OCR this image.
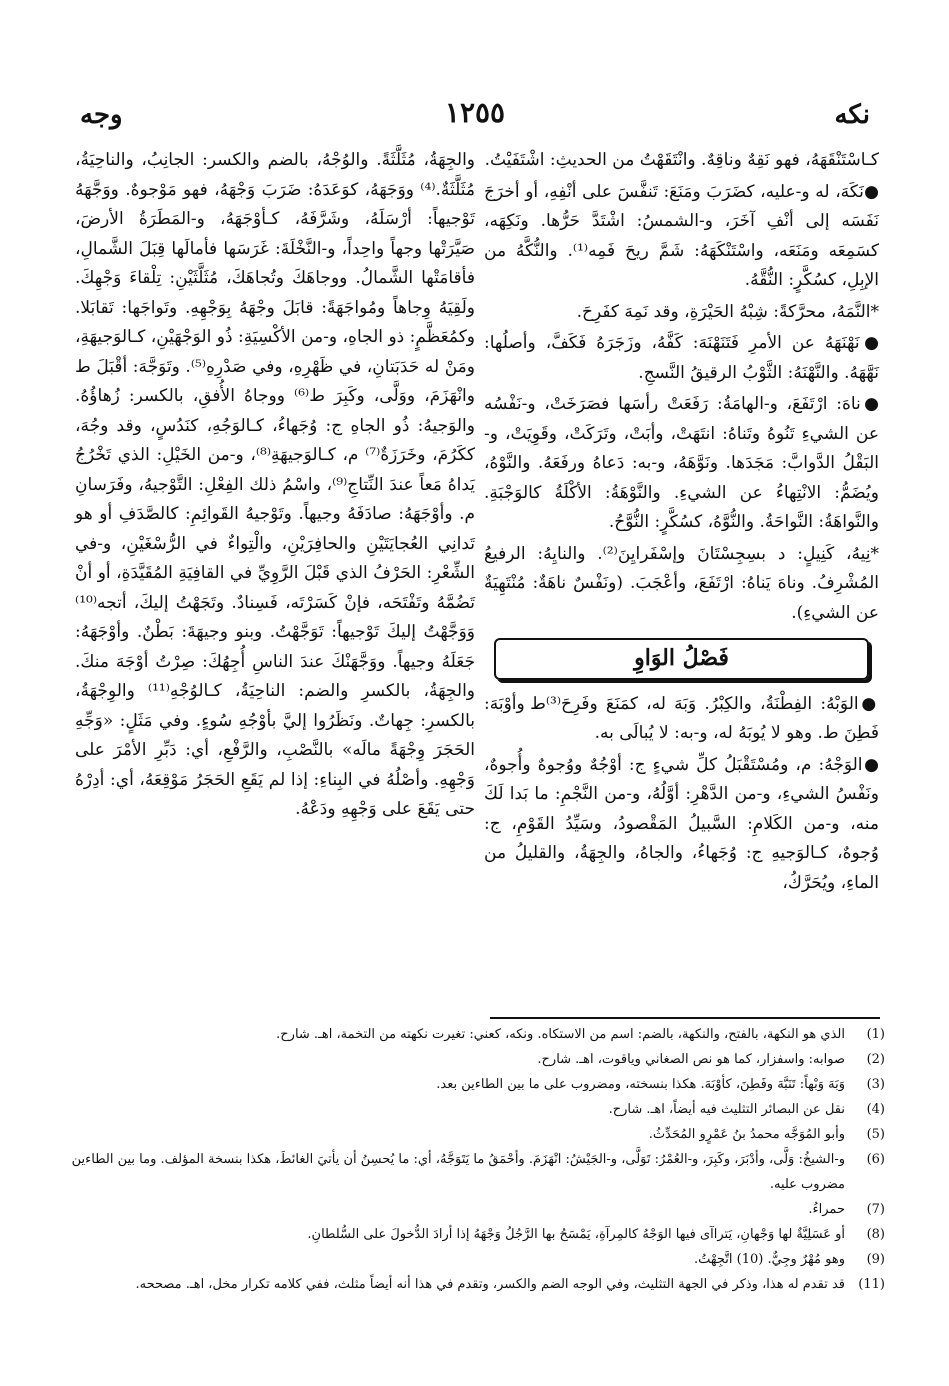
نكه
١٢٥٥
وجه

كـاسْتَنْقَهَهُ، فهو نَقِهٌ وناقِهٌ. وانْتَقَهْتُ من الحديثِ: اشْتَفَيْتُ.

●نَكَهَ، له و-عليه، كضَرَبَ ومَنَعَ: تَنفَّسَ على أنْفِهِ، أو أخرَجَ نَفَسَه إلى أنْفِ آخَرَ، و-الشمسُ: اشْتَدَّ حَرُّها. ونَكِهَه، كسَمِعَه ومَنَعَه، واسْتَنْكَهَهُ: شَمَّ ريحَ فَمِه⁽¹⁾. والنُّكَّهُ من الإبِلِ، كسُكَّرٍ: النُّقَّهُ.

*النَّمَهُ، محرَّكةً: شِبْهُ الحَيْرَةِ، وقد نَمِهَ كفَرِحَ.

●نَهْنَهَهُ عن الأمرِ فَتَنَهْنَهَ: كَفَّهُ، وزَجَرَهُ فَكَفَّ، وأصلُها: نَهَّهَهُ. والنَّهْنَهُ: الثَّوْبُ الرقيقُ النَّسجِ.

●ناهَ: ارْتَفَعَ، و-الهامَةُ: رَفَعَتْ رأسَها فصَرَخَتْ، و-نَفْسُه عن الشيءِ تَنُوهُ وتَناهُ: انتَهَتْ، وأبَتْ، وتَرَكَتْ، وقَوِيَتْ، و-البَقْلُ الدَّوابَّ: مَجَدَها. ونَوَّهَهُ، و-به: دَعاهُ ورفَعَهُ. والنَّوْهُ، ويُضَمُّ: الانْتِهاءُ عن الشيءِ. والنَّوْهَةُ: الأكْلَةُ كالوَجْبَةِ. والنَّواهَةُ: النَّواحَةُ. والنُّوَّهُ، كسُكَّرٍ: النُّوَّحُ.

*نِيهُ، كَنِيلٍ: د بسِجِسْتَانَ وإسْفَرايِنَ⁽²⁾. والنايِهُ: الرفيعُ المُشْرِفُ. وناهَ يَناهُ: ارْتَفَعَ، وأعْجَبَ. (ونَفْسٌ ناهَةٌ: مُنْتَهِيَةٌ عن الشيءِ).

فَصْلُ الوَاوِ

●الوَبْهُ: الفِطْنَةُ، والكِبْرُ. وَبَهَ له، كمَنَعَ وفَرِحَ⁽³⁾ط وأوْبَهَ: فَطِنَ ط. وهو لا يُوبَهُ له، و-به: لا يُبالَى به.

●الوَجْهُ: م، ومُسْتَقْبَلُ كلِّ شيءٍ ج: أوْجُهٌ ووُجوهٌ وأُجوهٌ، ونَفْسُ الشيءِ، و-من الدَّهْرِ: أوَّلُهُ، و-من النَّجْمِ: ما بَدا لَكَ منه، و-من الكَلامِ: السَّبيلُ المَقْصودُ، وسَيِّدُ القَوْمِ، ج: وُجوهٌ، كـالوَجيهِ ج: وُجَهاءُ، والجاهُ، والجِهَةُ، والقليلُ من الماءِ، ويُحَرَّكُ،

والجِهَةُ، مُثَلَّثَةً. والوُجْهُ، بالضم والكسر: الجانِبُ، والناحِيَةُ، مُثَلَّثَةٌ.⁽⁴⁾ ووَجَهَهُ، كوَعَدَهُ: ضَرَبَ وَجْهَهُ، فهو مَوْجوهٌ. ووَجَّهَهُ تَوْجيهاً: أرْسَلَهُ، وشَرَّفَهُ، كـأوْجَهَهُ، و-المَطَرَةُ الأرضَ، صَيَّرَتْها وجهاً واحِداً، و-النَّخْلَةَ: غَرَسَها فأمالَها قِبَلَ الشَّمالِ، فأقامَتْها الشَّمالُ. ووجاهَكَ وتُجاهَكَ، مُثَلَّثَيْنِ: تِلْقاءَ وَجْهِكَ. ولَقِيَهُ وِجاهاً ومُواجَهَةً: قابَلَ وجْهَهُ بِوَجْهِهِ. وتَواجَها: تَقابَلا. وكمُعَظَّمٍ: ذو الجاهِ، و-من الأكْسِيَةِ: ذُو الوَجْهَيْنِ، كـالوَجيهَةِ، ومَنْ له حَدَبَتانِ، في ظَهْرِهِ، وفي صَدْرِهِ⁽⁵⁾. وتَوَجَّهَ: أقْبَلَ ط وانْهَزَمَ، ووَلَّى، وكَبِرَ ط⁽⁶⁾ ووجاهُ الأُفقِ، بالكسر: زُهاؤُهُ. والوَجيهُ: ذُو الجاهِ ج: وُجَهاءُ، كـالوَجُهِ، كنَدُسٍ، وقد وجُهَ، ككَرُمَ، وخَرَزَةٌ⁽⁷⁾ م، كـالوَجيهَةِ⁽⁸⁾، و-من الخَيْلِ: الذي تَخْرُجُ يَداهُ مَعاً عندَ النِّتاجِ⁽⁹⁾، واسْمُ ذلك الفِعْلِ: التَّوْجيهُ، وفَرَسانِ م. وأوْجَهَهُ: صادَفَهُ وجيهاً. وتَوْجيهُ القَوائِمِ: كالصَّدَفِ أو هو تَدانِي العُجايَتَيْنِ والحافِرَيْنِ، والْتِواءٌ في الرُّسْغَيْنِ، و-في الشِّعْرِ: الحَرْفُ الذي قَبْلَ الرَّوِيِّ في القافِيَةِ المُقَيَّدَةِ، أو أنْ تَضُمَّهُ وتَفْتَحَه، فإنْ كَسَرْتَه، فَسِنادٌ. وتَجَهْتُ إليكَ، أتجه⁽¹⁰⁾ وَوَجَّهْتُ إليكَ تَوْجيهاً: تَوَجَّهْتُ. وبنو وجيهَةَ: بَطْنٌ. وأوْجَهَهُ: جَعَلَهُ وجيهاً. ووَجَّهَنْكَ عندَ الناسِ أُجِهُكَ: صِرْتُ أوْجَهَ منكَ. والجِهَةُ، بالكسرِ والضم: الناحِيَةُ، كـالوُجْهِ⁽¹¹⁾ والوِجْهَةُ، بالكسرِ: جِهاتٌ. ونَظَرُوا إليَّ بأوْجُهِ سُوءٍ. وفي مَثَلٍ: «وَجِّهِ الحَجَرَ وِجْهَةً مالَه» بالنَّصْبِ، والرَّفْعِ، أي: دَبِّرِ الأمْرَ على وَجْهِهِ. وأصْلُهُ في البِناءِ: إذا لم يَقَعِ الحَجَرُ مَوْقِعَهُ، أي: أدِرْهُ حتى يَقَعَ على وَجْهِهِ ودَعْهُ.

(1)
الذي هو النكهة، بالفتح، والنكهة، بالضم: اسم من الاستكاه. ونكه، كعني: تغيرت نكهته من التخمة، اهـ. شارح.
(2)
صوابه: واسفزار، كما هو نص الصغاني وياقوت، اهـ. شارح.
(3)
وَبَهَ وَبْهاً: تَنَبَّهَ وفَطِنَ، كأوْبَهَ. هكذا بنسخته، ومضروب على ما بين الطاءين بعد.
(4)
نقل عن البصائر التثليث فيه أيضاً، اهـ. شارح.
(5)
وأبو المُوَجَّه محمدُ بنُ عَمْرٍو المُحَدِّثُ.
(6)
و-الشيخُ: وَلَّى، وأدْبَرَ، وكَبِرَ، و-العُمْرُ: تَوَلَّى، و-الجَيْشُ: انْهَزَمَ. وأحْمَقُ ما يَتَوَجَّهُ، أي: ما يُحسِنُ أن يأتيَ الغائطَ، هكذا بنسخة المؤلف. وما بين الطاءين مضروب عليه.
(7)
حمراءُ.
(8)
أو عَسَلِيَّةٌ لها وَجْهانِ، يَتراآى فيها الوَجْهُ كالمِرآةِ، يَمْسَحُ بها الرَّجُلُ وَجْهَهُ إذا أرادَ الدُّخولَ على السُّلطانِ.
(9)
وهو مُهْرٌ وجِيٌّ. (10) اتَّجِهْتُ.
(11)
قد تقدم له هذا، وذكر في الجهة التثليث، وفي الوجه الضم والكسر، وتقدم في هذا أنه أيضاً مثلث، ففي كلامه تكرار مخل، اهـ. مصححه.
